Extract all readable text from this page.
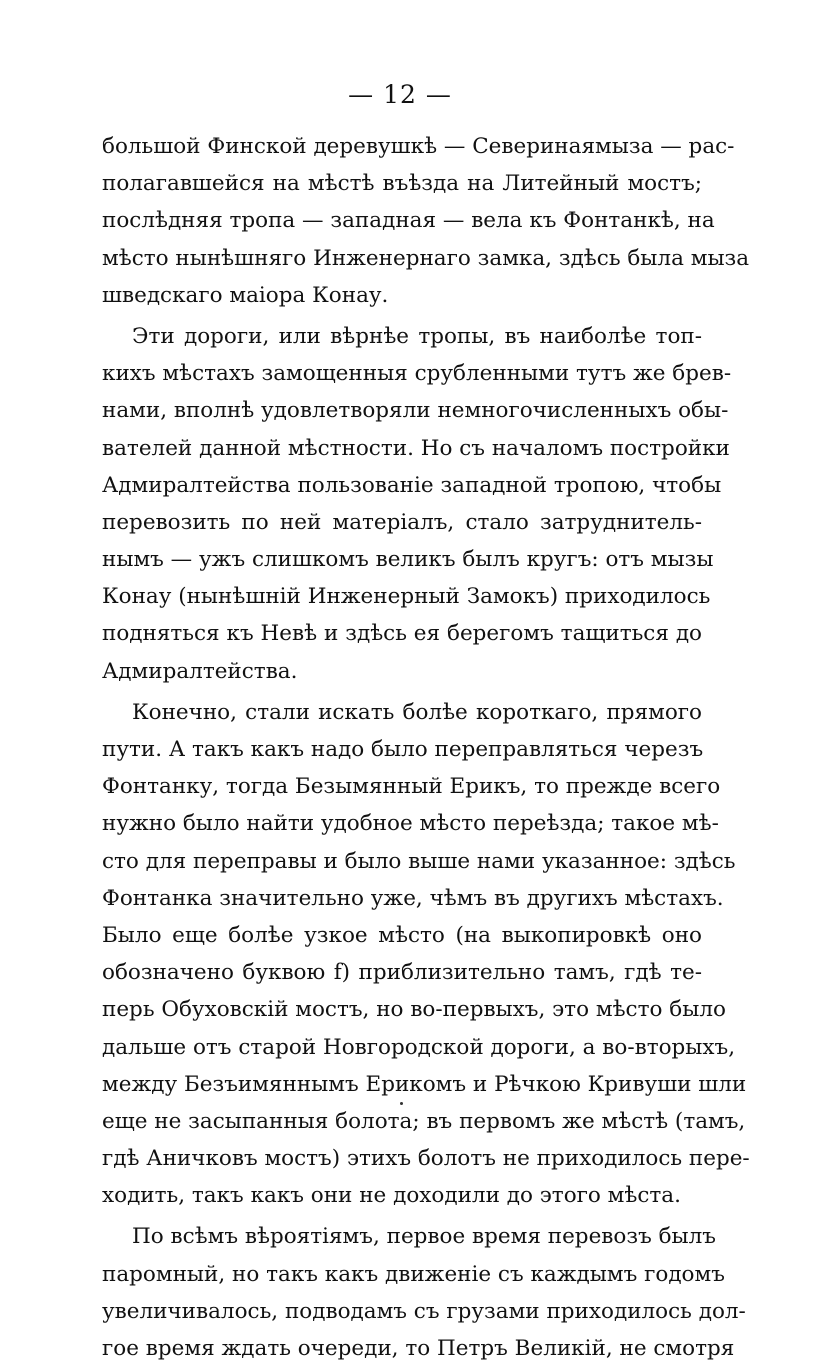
— 12 —
большой Финской деревушкѣ — Северинаямыза — рас-
полагавшейся на мѣстѣ въѣзда на Литейный мостъ;
послѣдняя тропа — западная — вела къ Фонтанкѣ, на
мѣсто нынѣшняго Инженернаго замка, здѣсь была мыза
шведскаго маіора Конау.
Эти дороги, или вѣрнѣе тропы, въ наиболѣе топ-
кихъ мѣстахъ замощенныя срубленными тутъ же брев-
нами, вполнѣ удовлетворяли немногочисленныхъ обы-
вателей данной мѣстности. Но съ началомъ постройки
Адмиралтейства пользованіе западной тропою, чтобы
перевозить по ней матеріалъ, стало затруднитель-
нымъ — ужъ слишкомъ великъ былъ кругъ: отъ мызы
Конау (нынѣшній Инженерный Замокъ) приходилось
подняться къ Невѣ и здѣсь ея берегомъ тащиться до
Адмиралтейства.
Конечно, стали искать болѣе короткаго, прямого
пути. А такъ какъ надо было переправляться черезъ
Фонтанку, тогда Безымянный Ерикъ, то прежде всего
нужно было найти удобное мѣсто переѣзда; такое мѣ-
сто для переправы и было выше нами указанное: здѣсь
Фонтанка значительно уже, чѣмъ въ другихъ мѣстахъ.
Было еще болѣе узкое мѣсто (на выкопировкѣ оно
обозначено буквою f) приблизительно тамъ, гдѣ те-
перь Обуховскій мостъ, но во-первыхъ, это мѣсто было
дальше отъ старой Новгородской дороги, а во-вторыхъ,
между Безъимяннымъ Ерикомъ и Рѣчкою Кривуши шли
еще не засыпанныя болота; въ первомъ же мѣстѣ (тамъ,
гдѣ Аничковъ мостъ) этихъ болотъ не приходилось пере-
ходить, такъ какъ они не доходили до этого мѣста.
По всѣмъ вѣроятіямъ, первое время перевозъ былъ
паромный, но такъ какъ движеніе съ каждымъ годомъ
увеличивалось, подводамъ съ грузами приходилось дол-
гое время ждать очереди, то Петръ Великій, не смотря
